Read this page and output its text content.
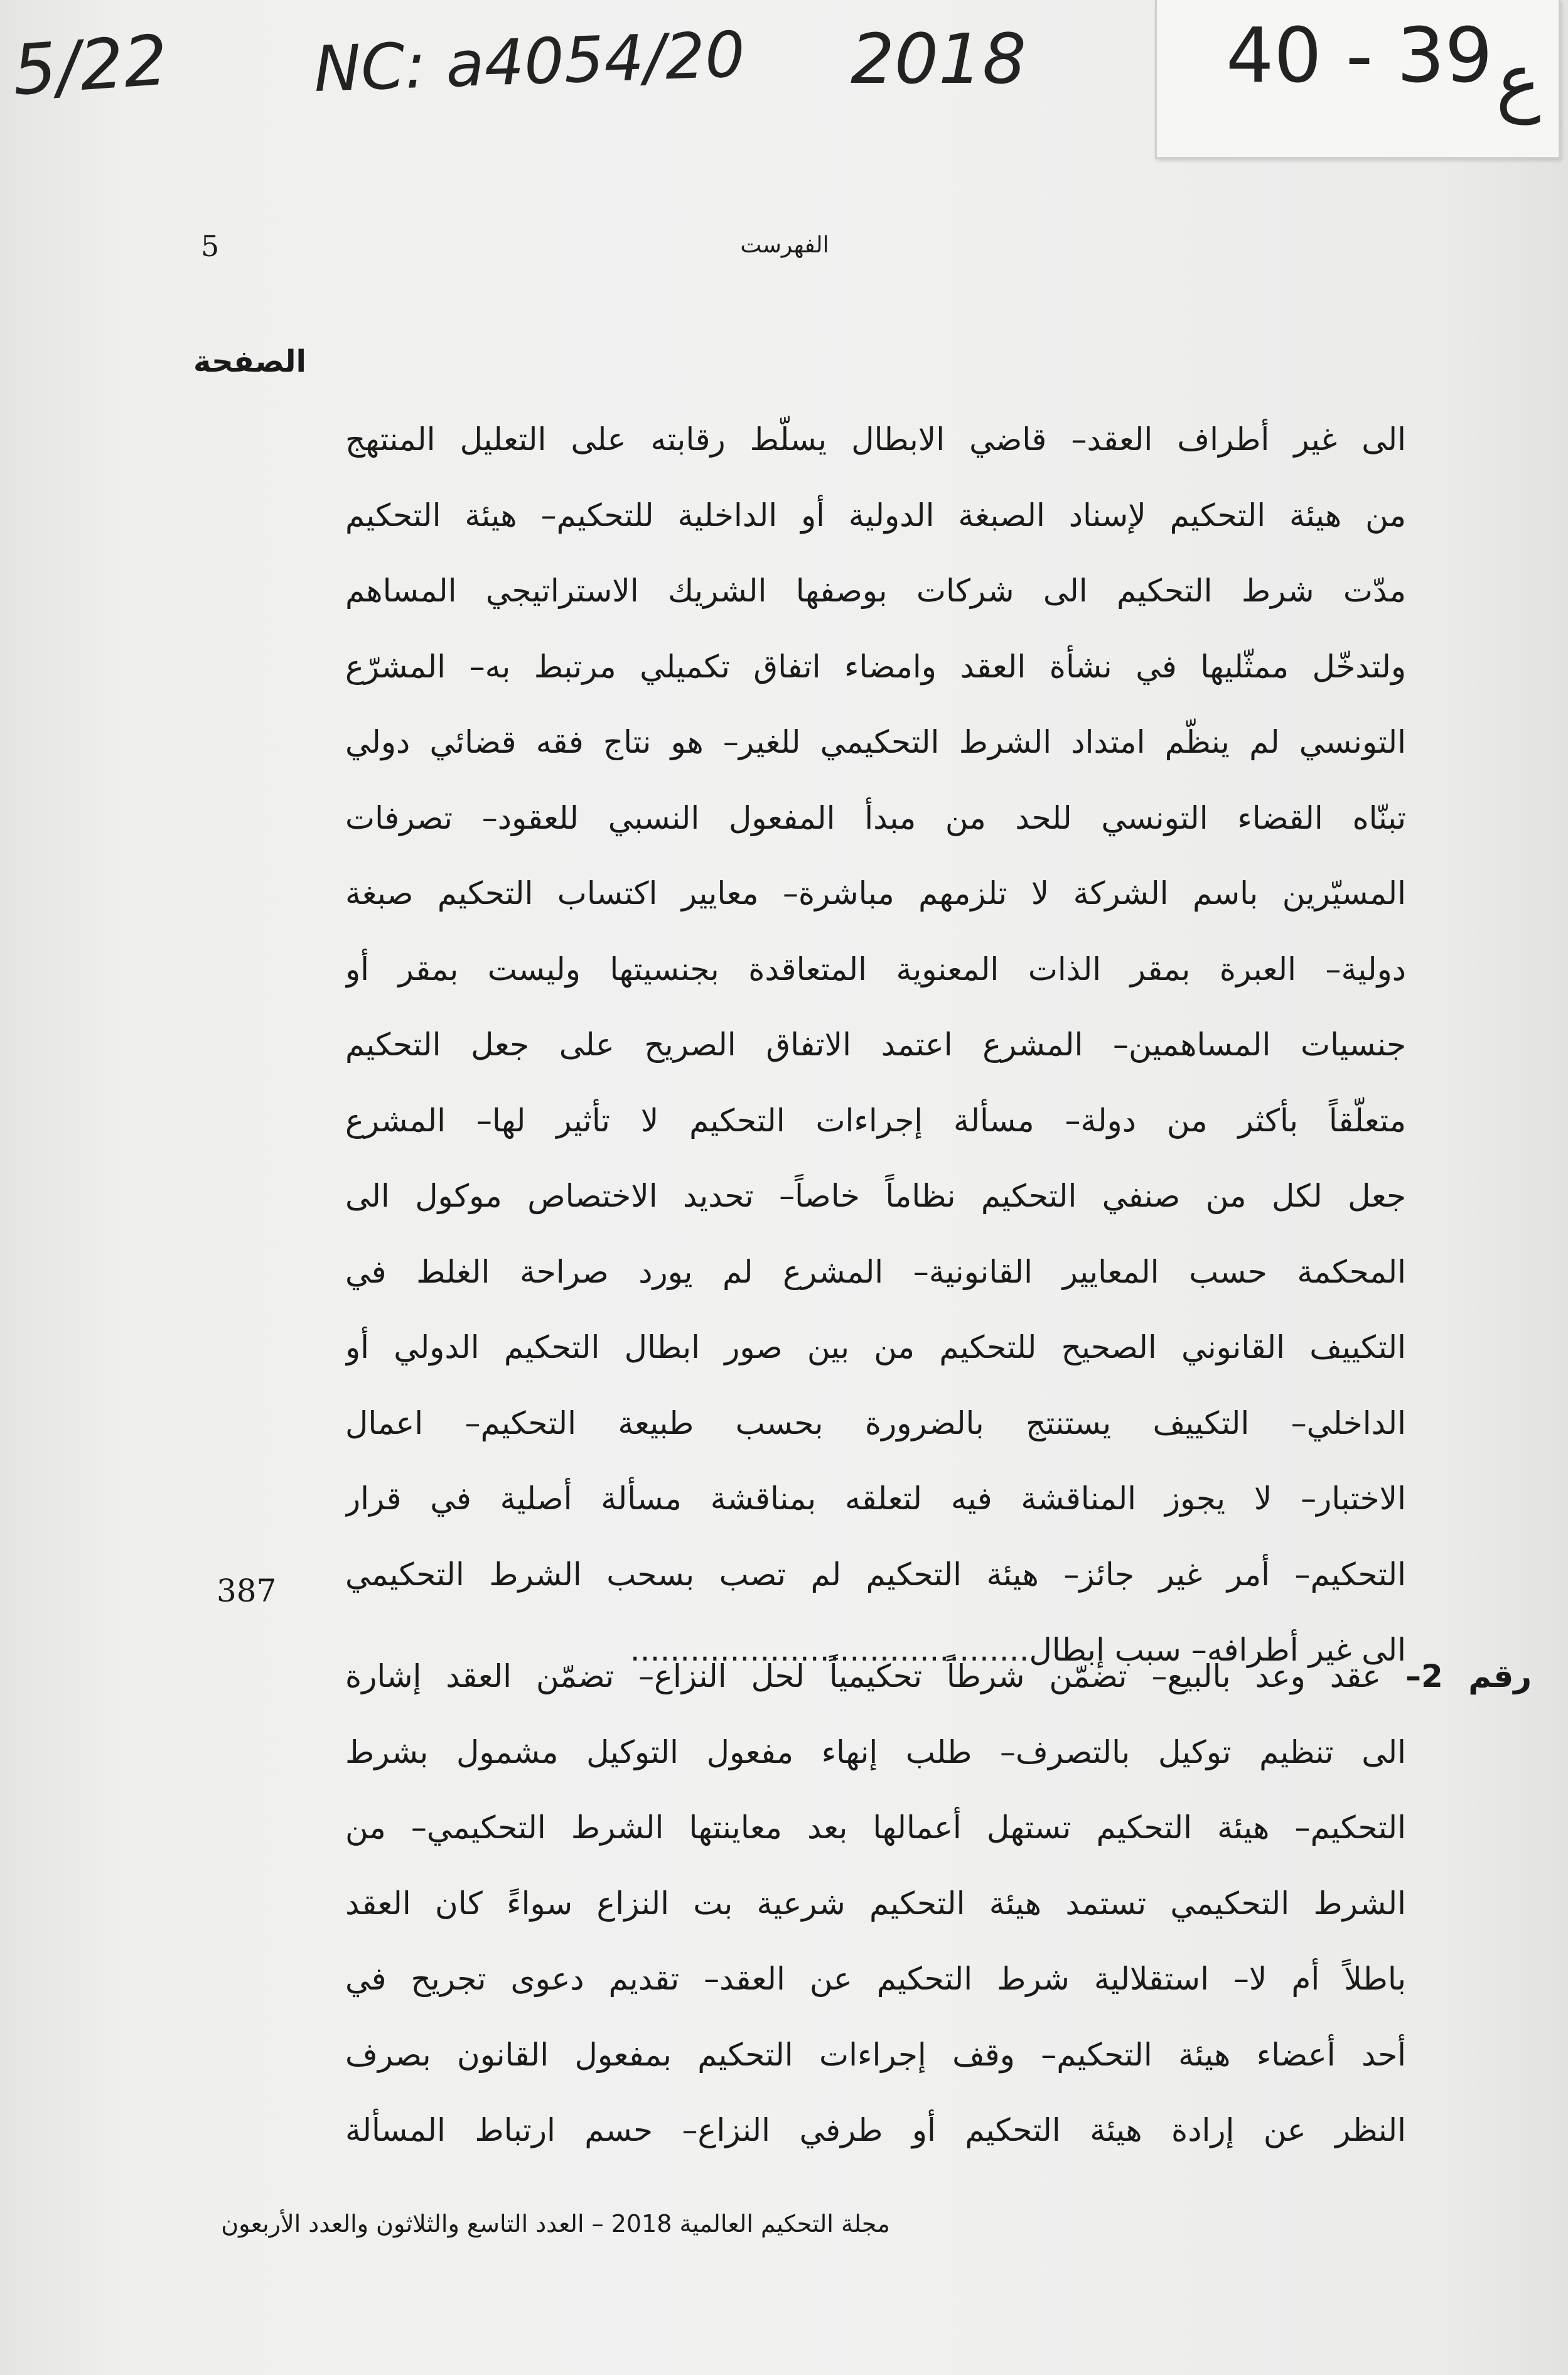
5/22 NC: a4054/20 2018	40 - 39 ع
5	الفهرست
الصفحة
الى غير أطراف العقد– قاضي الابطال يسلّط رقابته على التعليل المنتهج
من هيئة التحكيم لإسناد الصبغة الدولية أو الداخلية للتحكيم– هيئة التحكيم
مدّت شرط التحكيم الى شركات بوصفها الشريك الاستراتيجي المساهم
ولتدخّل ممثّليها في نشأة العقد وامضاء اتفاق تكميلي مرتبط به– المشرّع
التونسي لم ينظّم امتداد الشرط التحكيمي للغير– هو نتاج فقه قضائي دولي
تبنّاه القضاء التونسي للحد من مبدأ المفعول النسبي للعقود– تصرفات
المسيّرين باسم الشركة لا تلزمهم مباشرة– معايير اكتساب التحكيم صبغة
دولية– العبرة بمقر الذات المعنوية المتعاقدة بجنسيتها وليست بمقر أو
جنسيات المساهمين– المشرع اعتمد الاتفاق الصريح على جعل التحكيم
متعلّقاً بأكثر من دولة– مسألة إجراءات التحكيم لا تأثير لها– المشرع
جعل لكل من صنفي التحكيم نظاماً خاصاً– تحديد الاختصاص موكول الى
المحكمة حسب المعايير القانونية– المشرع لم يورد صراحة الغلط في
التكييف القانوني الصحيح للتحكيم من بين صور ابطال التحكيم الدولي أو
الداخلي– التكييف يستنتج بالضرورة بحسب طبيعة التحكيم– اعمال
الاختبار– لا يجوز المناقشة فيه لتعلقه بمناقشة مسألة أصلية في قرار
التحكيم– أمر غير جائز– هيئة التحكيم لم تصب بسحب الشرط التحكيمي
الى غير أطرافه– سبب إبطال........................................
387
رقم 2– عقد وعد بالبيع– تضمّن شرطاً تحكيمياً لحل النزاع– تضمّن العقد إشارة
الى تنظيم توكيل بالتصرف– طلب إنهاء مفعول التوكيل مشمول بشرط
التحكيم– هيئة التحكيم تستهل أعمالها بعد معاينتها الشرط التحكيمي– من
الشرط التحكيمي تستمد هيئة التحكيم شرعية بت النزاع سواءً كان العقد
باطلاً أم لا– استقلالية شرط التحكيم عن العقد– تقديم دعوى تجريح في
أحد أعضاء هيئة التحكيم– وقف إجراءات التحكيم بمفعول القانون بصرف
النظر عن إرادة هيئة التحكيم أو طرفي النزاع– حسم ارتباط المسألة
مجلة التحكيم العالمية 2018 – العدد التاسع والثلاثون والعدد الأربعون
